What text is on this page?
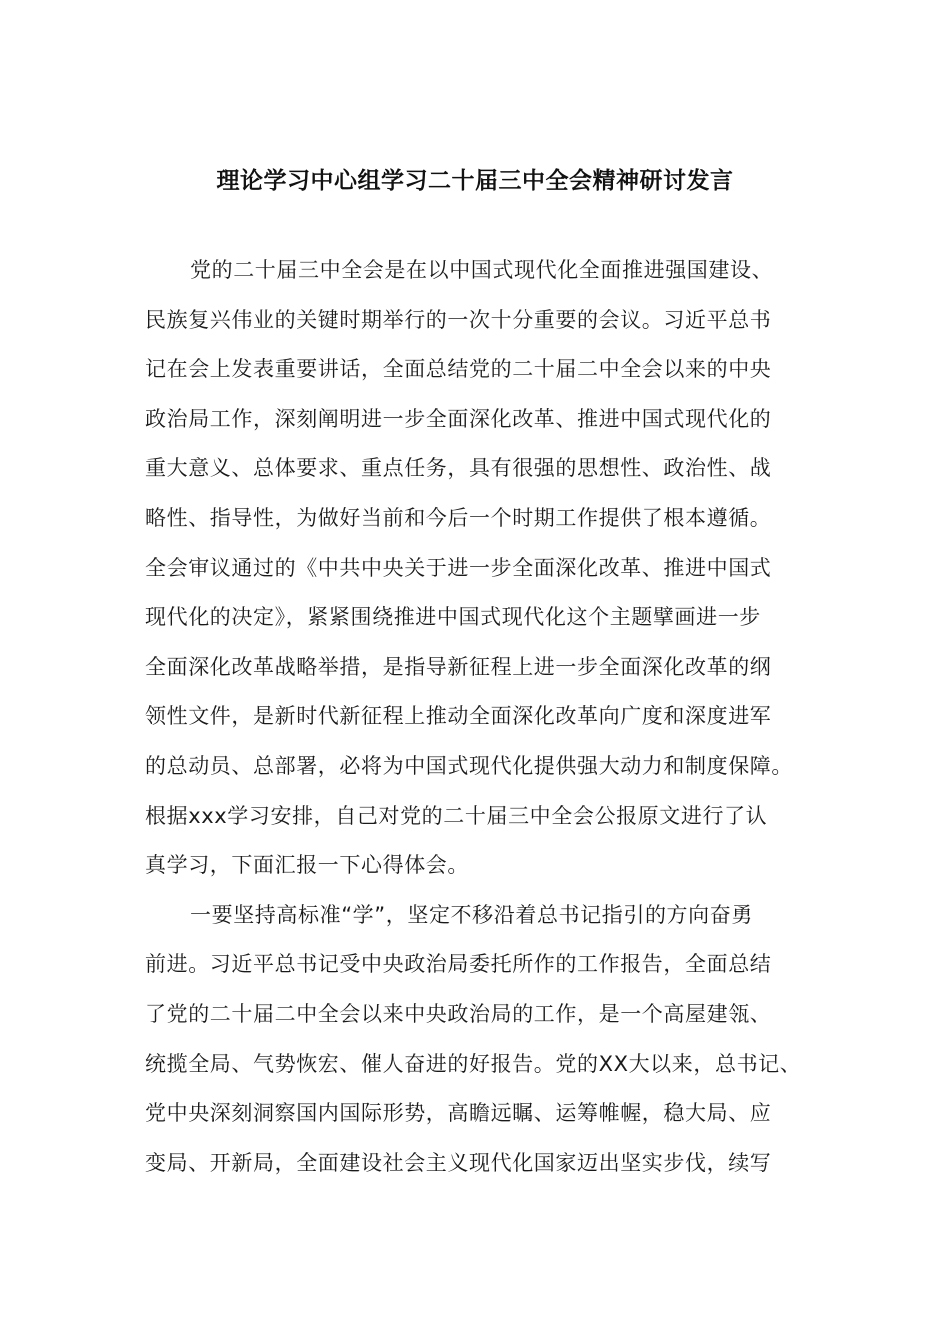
理论学习中心组学习二十届三中全会精神研讨发言
党的二十届三中全会是在以中国式现代化全面推进强国建设、
民族复兴伟业的关键时期举行的一次十分重要的会议。习近平总书
记在会上发表重要讲话，全面总结党的二十届二中全会以来的中央
政治局工作，深刻阐明进一步全面深化改革、推进中国式现代化的
重大意义、总体要求、重点任务，具有很强的思想性、政治性、战
略性、指导性，为做好当前和今后一个时期工作提供了根本遵循。
全会审议通过的《中共中央关于进一步全面深化改革、推进中国式
现代化的决定》，紧紧围绕推进中国式现代化这个主题擘画进一步
全面深化改革战略举措，是指导新征程上进一步全面深化改革的纲
领性文件，是新时代新征程上推动全面深化改革向广度和深度进军
的总动员、总部署，必将为中国式现代化提供强大动力和制度保障。
根据xxx学习安排，自己对党的二十届三中全会公报原文进行了认
真学习，下面汇报一下心得体会。
一要坚持高标准“学”，坚定不移沿着总书记指引的方向奋勇
前进。习近平总书记受中央政治局委托所作的工作报告，全面总结
了党的二十届二中全会以来中央政治局的工作，是一个高屋建瓴、
统揽全局、气势恢宏、催人奋进的好报告。党的XX大以来，总书记、
党中央深刻洞察国内国际形势，高瞻远瞩、运筹帷幄，稳大局、应
变局、开新局，全面建设社会主义现代化国家迈出坚实步伐，续写
